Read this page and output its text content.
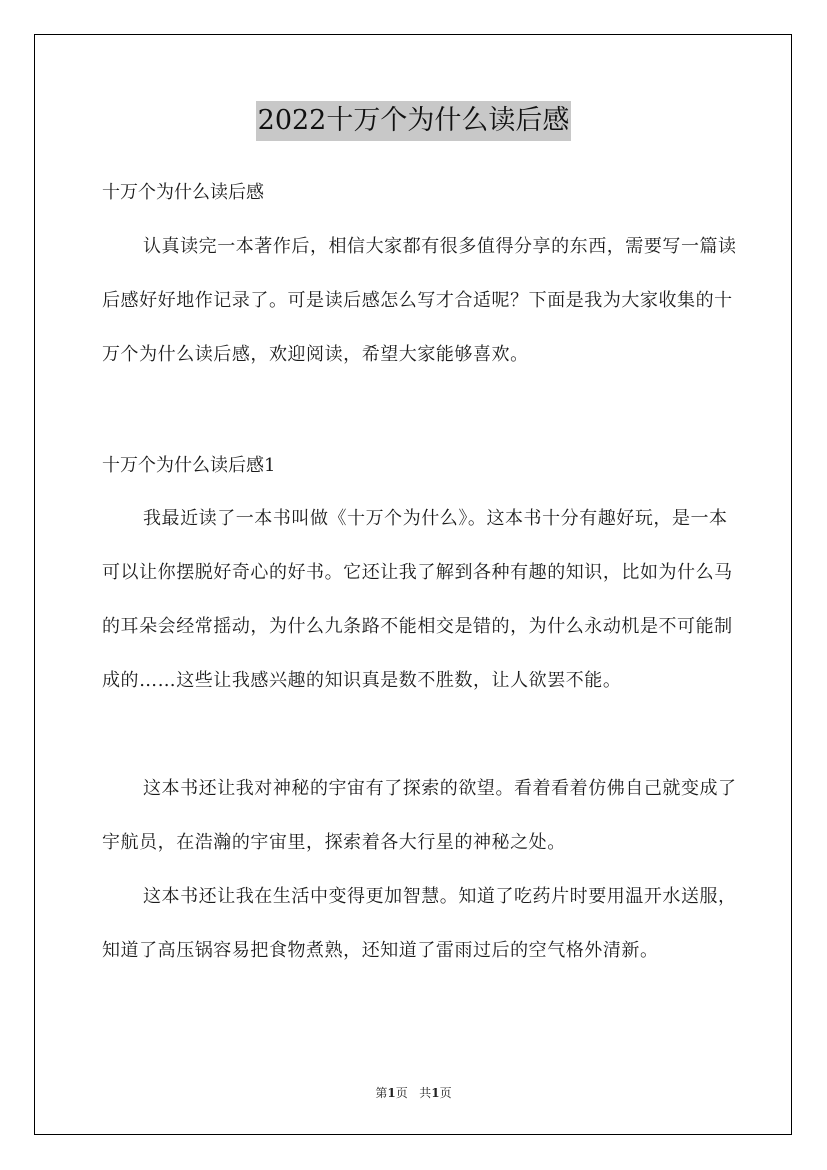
2022十万个为什么读后感
十万个为什么读后感

认真读完一本著作后，相信大家都有很多值得分享的东西，需要写一篇读后感好好地作记录了。可是读后感怎么写才合适呢？下面是我为大家收集的十万个为什么读后感，欢迎阅读，希望大家能够喜欢。

十万个为什么读后感1

我最近读了一本书叫做《十万个为什么》。这本书十分有趣好玩，是一本可以让你摆脱好奇心的好书。它还让我了解到各种有趣的知识，比如为什么马的耳朵会经常摇动，为什么九条路不能相交是错的，为什么永动机是不可能制成的……这些让我感兴趣的知识真是数不胜数，让人欲罢不能。

这本书还让我对神秘的宇宙有了探索的欲望。看着看着仿佛自己就变成了宇航员，在浩瀚的宇宙里，探索着各大行星的神秘之处。

这本书还让我在生活中变得更加智慧。知道了吃药片时要用温开水送服，知道了高压锅容易把食物煮熟，还知道了雷雨过后的空气格外清新。

第1页 共1页
